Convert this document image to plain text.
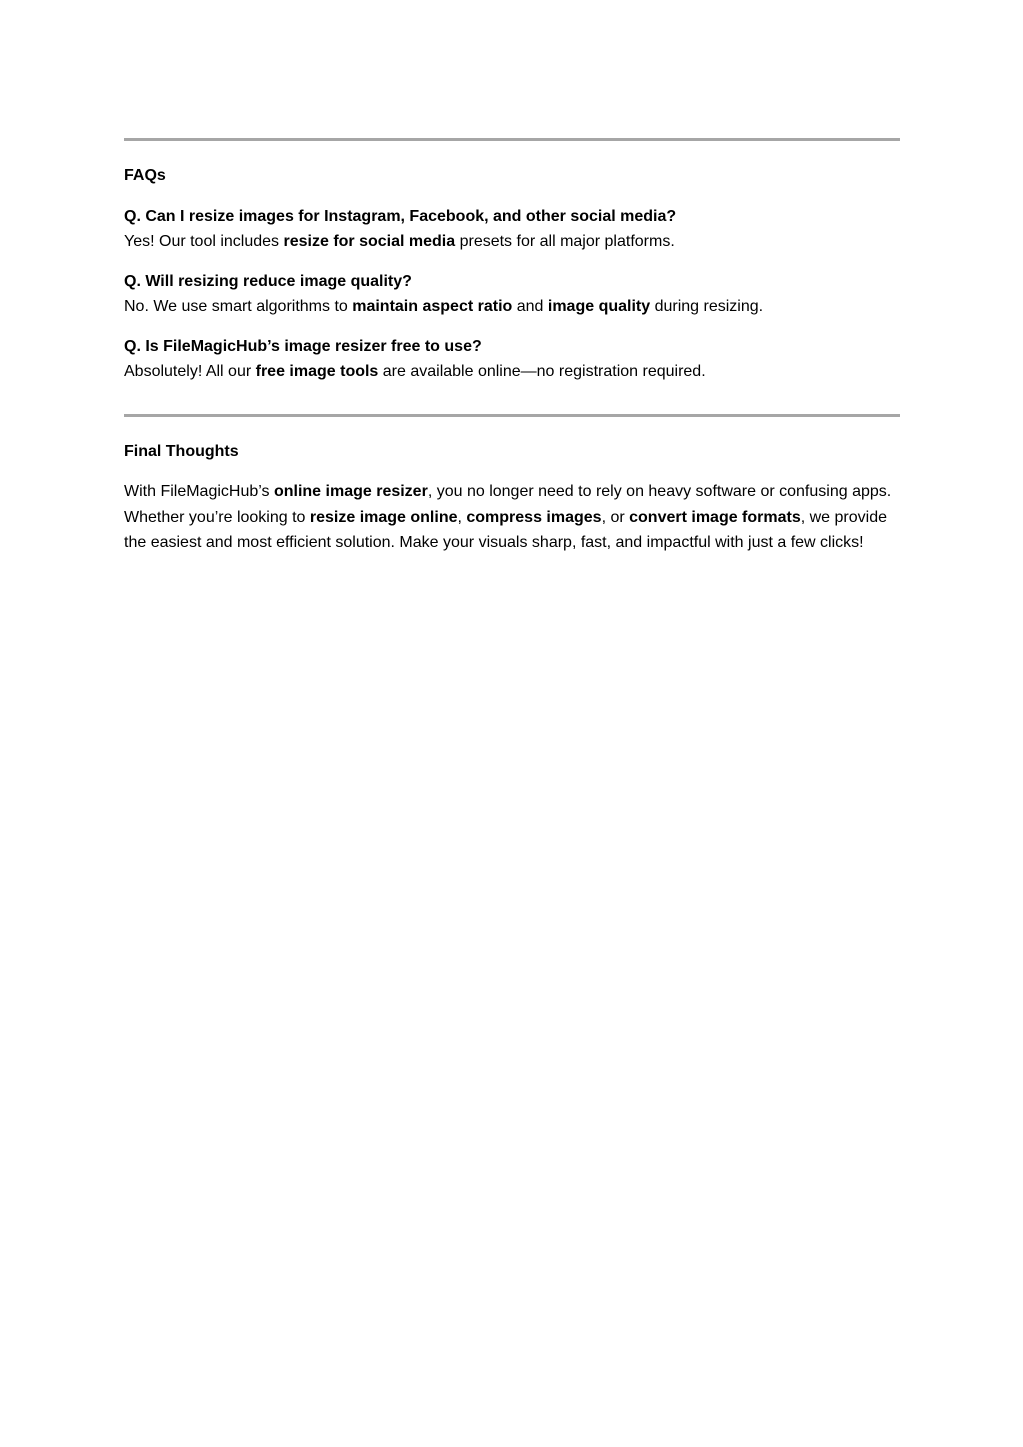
FAQs
Q. Can I resize images for Instagram, Facebook, and other social media?
Yes! Our tool includes resize for social media presets for all major platforms.
Q. Will resizing reduce image quality?
No. We use smart algorithms to maintain aspect ratio and image quality during resizing.
Q. Is FileMagicHub’s image resizer free to use?
Absolutely! All our free image tools are available online—no registration required.
Final Thoughts
With FileMagicHub’s online image resizer, you no longer need to rely on heavy software or confusing apps. Whether you’re looking to resize image online, compress images, or convert image formats, we provide the easiest and most efficient solution. Make your visuals sharp, fast, and impactful with just a few clicks!
